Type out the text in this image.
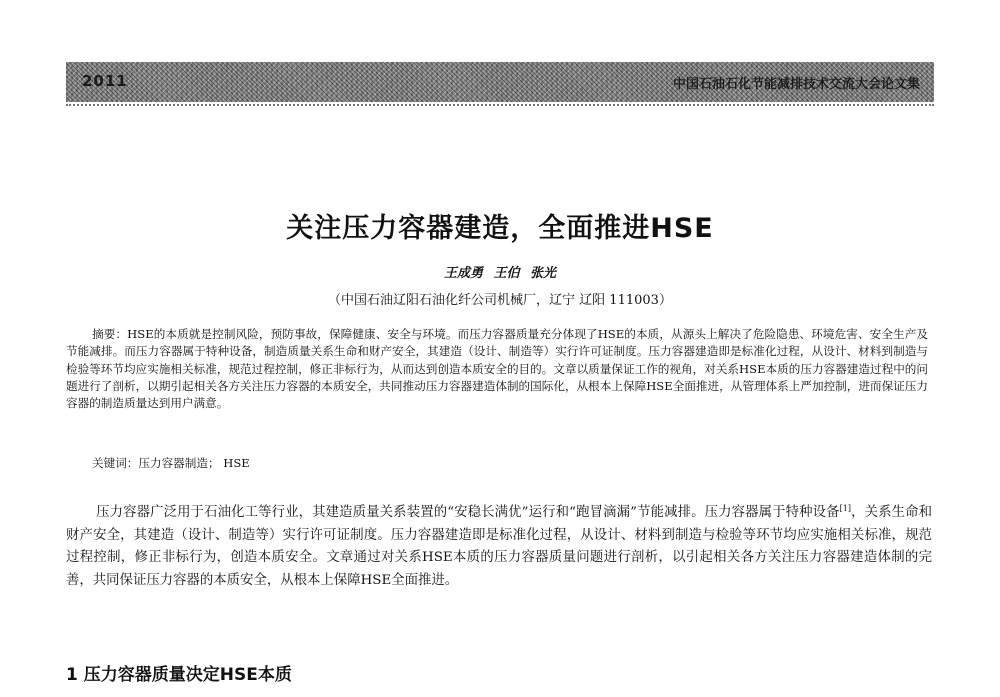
2011	中国石油石化节能减排技术交流大会论文集
关注压力容器建造，全面推进HSE
王成勇 王伯 张光
（中国石油辽阳石油化纤公司机械厂，辽宁 辽阳 111003）
摘要：HSE的本质就是控制风险，预防事故，保障健康、安全与环境。而压力容器质量充分体现了HSE的本质，从源头上解决了危险隐患、环境危害、安全生产及节能减排。而压力容器属于特种设备，制造质量关系生命和财产安全，其建造（设计、制造等）实行许可证制度。压力容器建造即是标准化过程，从设计、材料到制造与检验等环节均应实施相关标准，规范过程控制，修正非标行为，从而达到创造本质安全的目的。文章以质量保证工作的视角，对关系HSE本质的压力容器建造过程中的问题进行了剖析，以期引起相关各方关注压力容器的本质安全，共同推动压力容器建造体制的国际化，从根本上保障HSE全面推进，从管理体系上严加控制，进而保证压力容器的制造质量达到用户满意。
关键词：压力容器制造； HSE
压力容器广泛用于石油化工等行业，其建造质量关系装置的“安稳长满优”运行和“跑冒滴漏”节能减排。压力容器属于特种设备[1]，关系生命和财产安全，其建造（设计、制造等）实行许可证制度。压力容器建造即是标准化过程，从设计、材料到制造与检验等环节均应实施相关标准，规范过程控制，修正非标行为，创造本质安全。文章通过对关系HSE本质的压力容器质量问题进行剖析，以引起相关各方关注压力容器建造体制的完善，共同保证压力容器的本质安全，从根本上保障HSE全面推进。
1 压力容器质量决定HSE本质
